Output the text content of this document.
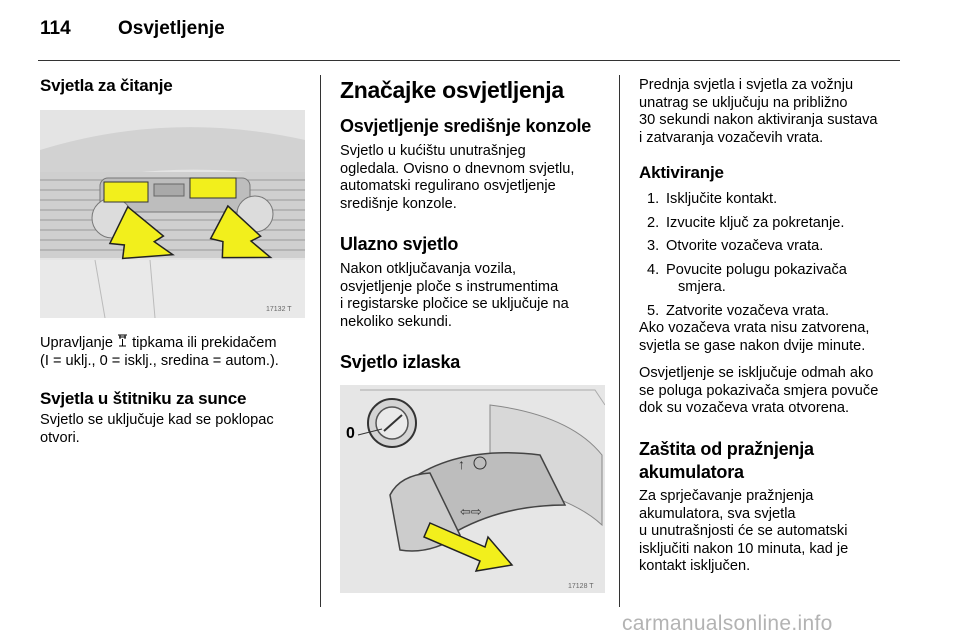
114 Osvjetljenje
Svjetla za čitanje
17132 T
Upravljanje  tipkama ili prekidačem
(I = uklj., 0 = isklj., sredina = autom.).
Svjetla u štitniku za sunce
Svjetlo se uključuje kad se poklopac
otvori.
Značajke osvjetljenja
Osvjetljenje središnje konzole
Svjetlo u kućištu unutrašnjeg
ogledala. Ovisno o dnevnom svjetlu,
automatski regulirano osvjetljenje
središnje konzole.
Ulazno svjetlo
Nakon otključavanja vozila,
osvjetljenje ploče s instrumentima
i registarske pločice se uključuje na
nekoliko sekundi.
Svjetlo izlaska
↑
⇦⇨
0
17128 T
Prednja svjetla i svjetla za vožnju
unatrag se uključuju na približno
30 sekundi nakon aktiviranja sustava
i zatvaranja vozačevih vrata.
Aktiviranje
1. Isključite kontakt.
2. Izvucite ključ za pokretanje.
3. Otvorite vozačeva vrata.
4. Povucite polugu pokazivača
smjera.
5. Zatvorite vozačeva vrata.
Ako vozačeva vrata nisu zatvorena,
svjetla se gase nakon dvije minute.
Osvjetljenje se isključuje odmah ako
se poluga pokazivača smjera povuče
dok su vozačeva vrata otvorena.
Zaštita od pražnjenja
akumulatora
Za sprječavanje pražnjenja
akumulatora, sva svjetla
u unutrašnjosti će se automatski
isključiti nakon 10 minuta, kad je
kontakt isključen.
carmanualsonline.info
